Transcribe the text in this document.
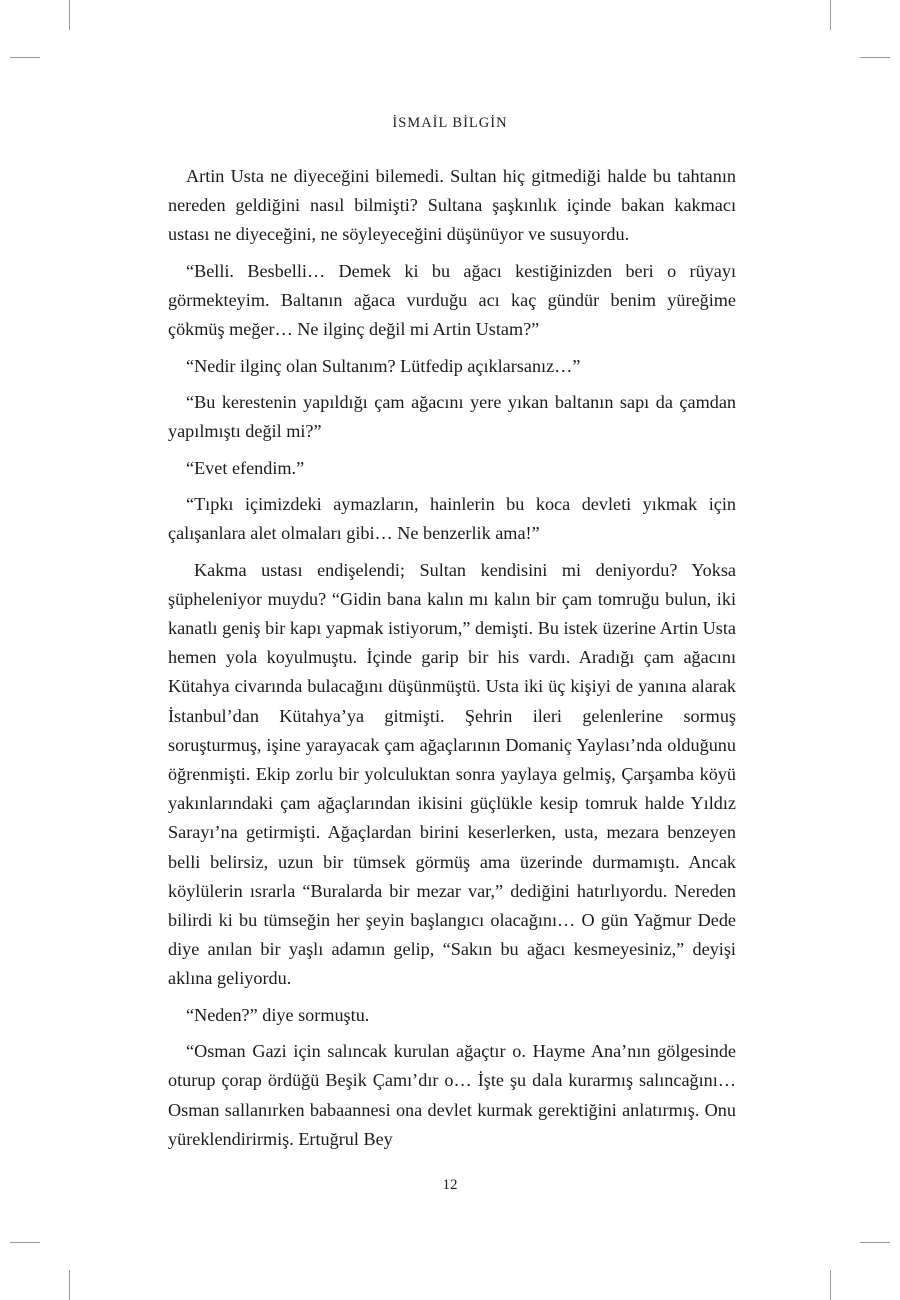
İSMAİL BİLGİN

Artin Usta ne diyeceğini bilemedi. Sultan hiç gitmediği halde bu tahtanın nereden geldiğini nasıl bilmişti? Sultana şaşkınlık içinde bakan kakmacı ustası ne diyeceğini, ne söyleyeceğini düşünüyor ve susuyordu.

“Belli. Besbelli… Demek ki bu ağacı kestiğinizden beri o rüyayı görmekteyim. Baltanın ağaca vurduğu acı kaç gündür benim yüreğime çökmüş meğer… Ne ilginç değil mi Artin Ustam?”

“Nedir ilginç olan Sultanım? Lütfedip açıklarsanız…”

“Bu kerestenin yapıldığı çam ağacını yere yıkan baltanın sapı da çamdan yapılmıştı değil mi?”

“Evet efendim.”

“Tıpkı içimizdeki aymazların, hainlerin bu koca devleti yıkmak için çalışanlara alet olmaları gibi… Ne benzerlik ama!”

Kakma ustası endişelendi; Sultan kendisini mi deniyordu? Yoksa şüpheleniyor muydu? “Gidin bana kalın mı kalın bir çam tomruğu bulun, iki kanatlı geniş bir kapı yapmak istiyorum,” demişti. Bu istek üzerine Artin Usta hemen yola koyulmuştu. İçinde garip bir his vardı. Aradığı çam ağacını Kütahya civarında bulacağını düşünmüştü. Usta iki üç kişiyi de yanına alarak İstanbul’dan Kütahya’ya gitmişti. Şehrin ileri gelenlerine sormuş soruşturmuş, işine yarayacak çam ağaçlarının Domaniç Yaylası’nda olduğunu öğrenmişti. Ekip zorlu bir yolculuktan sonra yaylaya gelmiş, Çarşamba köyü yakınlarındaki çam ağaçlarından ikisini güçlükle kesip tomruk halde Yıldız Sarayı’na getirmişti. Ağaçlardan birini keserlerken, usta, mezara benzeyen belli belirsiz, uzun bir tümsek görmüş ama üzerinde durmamıştı. Ancak köylülerin ısrarla “Buralarda bir mezar var,” dediğini hatırlıyordu. Nereden bilirdi ki bu tümseğin her şeyin başlangıcı olacağını… O gün Yağmur Dede diye anılan bir yaşlı adamın gelip, “Sakın bu ağacı kesmeyesiniz,” deyişi aklına geliyordu.

“Neden?” diye sormuştu.

“Osman Gazi için salıncak kurulan ağaçtır o. Hayme Ana’nın gölgesinde oturup çorap ördüğü Beşik Çamı’dır o… İşte şu dala kurarmış salıncağını… Osman sallanırken babaannesi ona devlet kurmak gerektiğini anlatırmış. Onu yüreklendirirmiş. Ertuğrul Bey

12
